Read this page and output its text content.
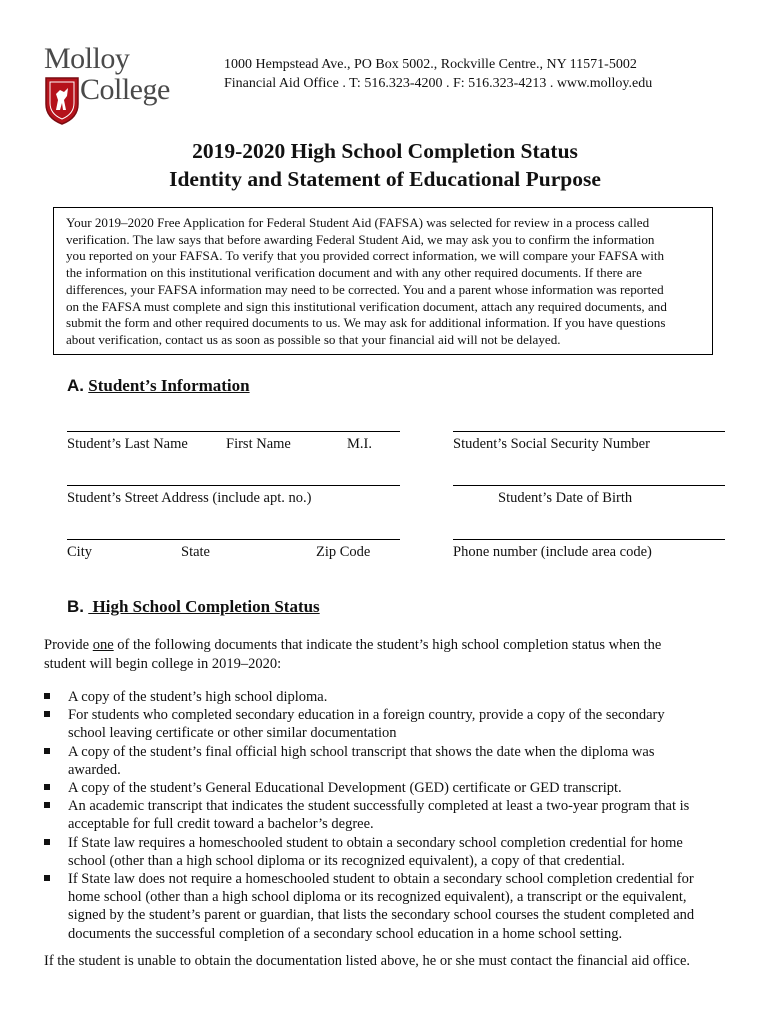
Molloy
College
1000 Hempstead Ave., PO Box 5002., Rockville Centre., NY 11571-5002
Financial Aid Office . T: 516.323-4200 . F: 516.323-4213 . www.molloy.edu
2019-2020 High School Completion Status
Identity and Statement of Educational Purpose
Your 2019–2020 Free Application for Federal Student Aid (FAFSA) was selected for review in a process called
verification. The law says that before awarding Federal Student Aid, we may ask you to confirm the information
you reported on your FAFSA. To verify that you provided correct information, we will compare your FAFSA with
the information on this institutional verification document and with any other required documents. If there are
differences, your FAFSA information may need to be corrected. You and a parent whose information was reported
on the FAFSA must complete and sign this institutional verification document, attach any required documents, and
submit the form and other required documents to us. We may ask for additional information. If you have questions
about verification, contact us as soon as possible so that your financial aid will not be delayed.
A. Student’s Information
Student’s Last Name	First Name	M.I.	Student’s Social Security Number
Student’s Street Address (include apt. no.)	Student’s Date of Birth
City	State	Zip Code	Phone number (include area code)
B.  High School Completion Status
Provide one of the following documents that indicate the student’s high school completion status when the
student will begin college in 2019–2020:
A copy of the student’s high school diploma.
For students who completed secondary education in a foreign country, provide a copy of the secondary
school leaving certificate or other similar documentation
A copy of the student’s final official high school transcript that shows the date when the diploma was
awarded.
A copy of the student’s General Educational Development (GED) certificate or GED transcript.
An academic transcript that indicates the student successfully completed at least a two-year program that is
acceptable for full credit toward a bachelor’s degree.
If State law requires a homeschooled student to obtain a secondary school completion credential for home
school (other than a high school diploma or its recognized equivalent), a copy of that credential.
If State law does not require a homeschooled student to obtain a secondary school completion credential for
home school (other than a high school diploma or its recognized equivalent), a transcript or the equivalent,
signed by the student’s parent or guardian, that lists the secondary school courses the student completed and
documents the successful completion of a secondary school education in a home school setting.
If the student is unable to obtain the documentation listed above, he or she must contact the financial aid office.
